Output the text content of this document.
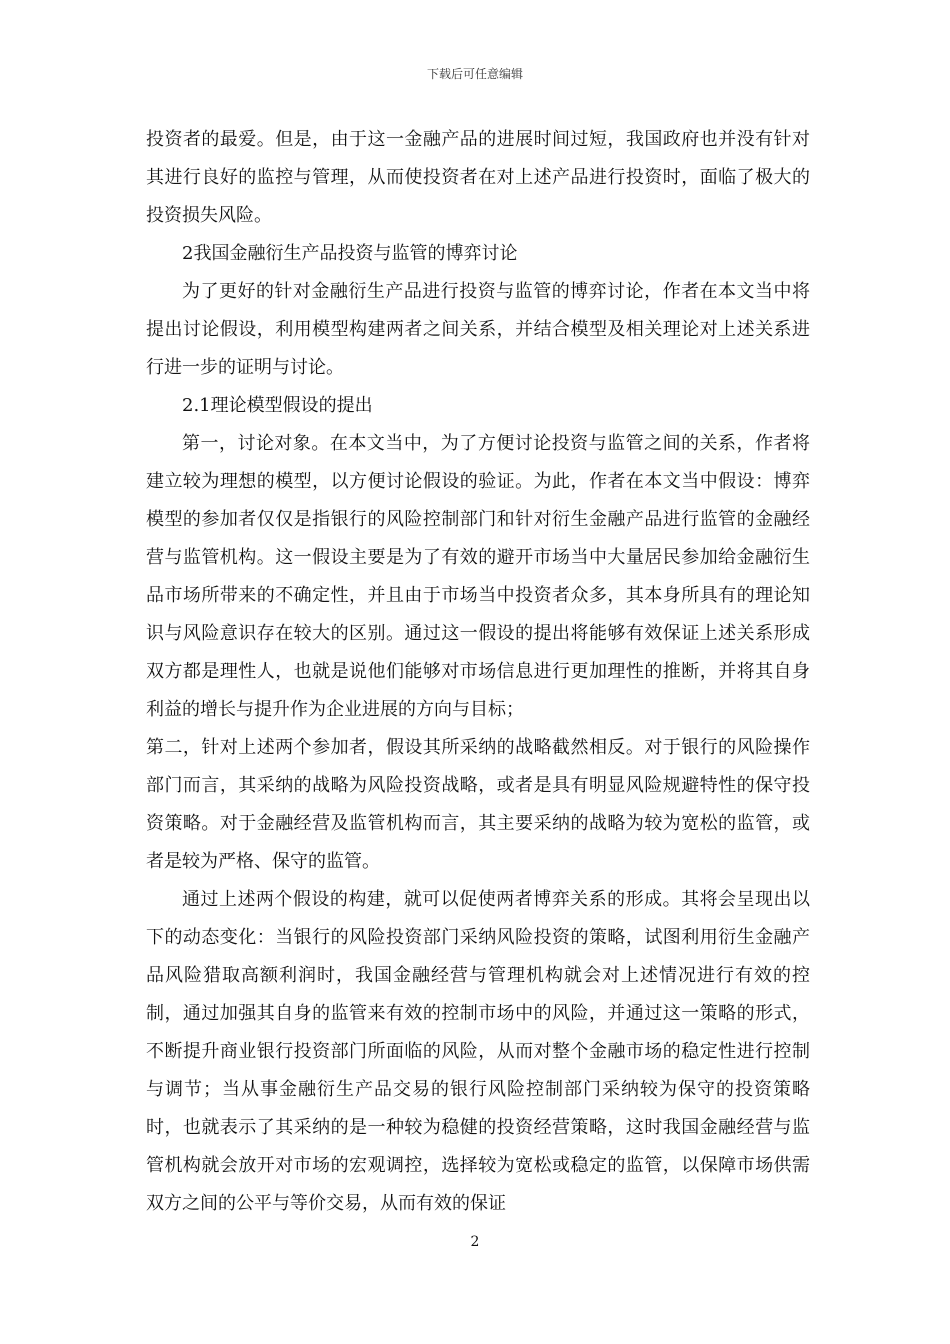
下载后可任意编辑

投资者的最爱。但是，由于这一金融产品的进展时间过短，我国政府也并没有针对其进行良好的监控与管理，从而使投资者在对上述产品进行投资时，面临了极大的投资损失风险。

2我国金融衍生产品投资与监管的博弈讨论

为了更好的针对金融衍生产品进行投资与监管的博弈讨论，作者在本文当中将提出讨论假设，利用模型构建两者之间关系，并结合模型及相关理论对上述关系进行进一步的证明与讨论。

2.1理论模型假设的提出

第一，讨论对象。在本文当中，为了方便讨论投资与监管之间的关系，作者将建立较为理想的模型，以方便讨论假设的验证。为此，作者在本文当中假设：博弈模型的参加者仅仅是指银行的风险控制部门和针对衍生金融产品进行监管的金融经营与监管机构。这一假设主要是为了有效的避开市场当中大量居民参加给金融衍生品市场所带来的不确定性，并且由于市场当中投资者众多，其本身所具有的理论知识与风险意识存在较大的区别。通过这一假设的提出将能够有效保证上述关系形成双方都是理性人，也就是说他们能够对市场信息进行更加理性的推断，并将其自身利益的增长与提升作为企业进展的方向与目标；

第二，针对上述两个参加者，假设其所采纳的战略截然相反。对于银行的风险操作部门而言，其采纳的战略为风险投资战略，或者是具有明显风险规避特性的保守投资策略。对于金融经营及监管机构而言，其主要采纳的战略为较为宽松的监管，或者是较为严格、保守的监管。

通过上述两个假设的构建，就可以促使两者博弈关系的形成。其将会呈现出以下的动态变化：当银行的风险投资部门采纳风险投资的策略，试图利用衍生金融产品风险猎取高额利润时，我国金融经营与管理机构就会对上述情况进行有效的控制，通过加强其自身的监管来有效的控制市场中的风险，并通过这一策略的形式，不断提升商业银行投资部门所面临的风险，从而对整个金融市场的稳定性进行控制与调节；当从事金融衍生产品交易的银行风险控制部门采纳较为保守的投资策略时，也就表示了其采纳的是一种较为稳健的投资经营策略，这时我国金融经营与监管机构就会放开对市场的宏观调控，选择较为宽松或稳定的监管，以保障市场供需双方之间的公平与等价交易，从而有效的保证

2
